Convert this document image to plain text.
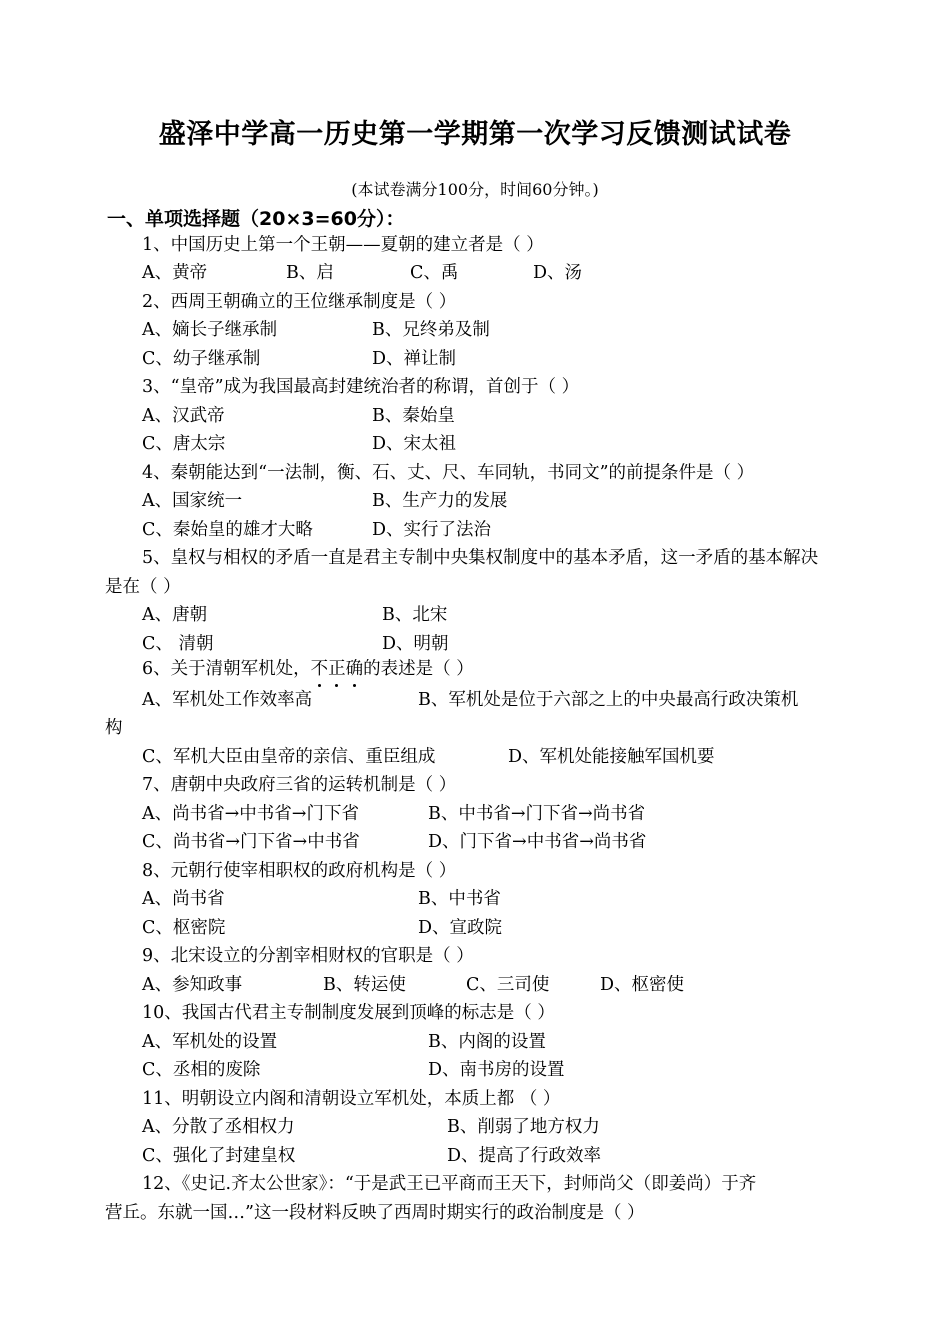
盛泽中学高一历史第一学期第一次学习反馈测试试卷
(本试卷满分100分，时间60分钟。)
一、单项选择题（20×3=60分）：
1、中国历史上第一个王朝——夏朝的建立者是（ ）
A、黄帝	B、启	C、禹	D、汤
2、西周王朝确立的王位继承制度是（ ）
A、嫡长子继承制	B、兄终弟及制
C、幼子继承制	D、禅让制
3、“皇帝”成为我国最高封建统治者的称谓，首创于（ ）
A、汉武帝	B、秦始皇
C、唐太宗	D、宋太祖
4、秦朝能达到“一法制，衡、石、丈、尺、车同轨，书同文”的前提条件是（ ）
A、国家统一	B、生产力的发展
C、秦始皇的雄才大略	D、实行了法治
5、皇权与相权的矛盾一直是君主专制中央集权制度中的基本矛盾，这一矛盾的基本解决
是在（ ）
A、唐朝	B、北宋
C、 清朝	D、明朝
6、关于清朝军机处，不正确的表述是（ ）
A、军机处工作效率高	B、军机处是位于六部之上的中央最高行政决策机
构
C、军机大臣由皇帝的亲信、重臣组成	D、军机处能接触军国机要
7、唐朝中央政府三省的运转机制是（ ）
A、尚书省→中书省→门下省	B、中书省→门下省→尚书省
C、尚书省→门下省→中书省	D、门下省→中书省→尚书省
8、元朝行使宰相职权的政府机构是（ ）
A、尚书省	B、中书省
C、枢密院	D、宣政院
9、北宋设立的分割宰相财权的官职是（ ）
A、参知政事	B、转运使	C、三司使	D、枢密使
10、我国古代君主专制制度发展到顶峰的标志是（ ）
A、军机处的设置	B、内阁的设置
C、丞相的废除	D、南书房的设置
11、明朝设立内阁和清朝设立军机处，本质上都 （ ）
A、分散了丞相权力	B、削弱了地方权力
C、强化了封建皇权	D、提高了行政效率
12、《史记.齐太公世家》：“于是武王已平商而王天下，封师尚父（即姜尚）于齐
营丘。东就一国…”这一段材料反映了西周时期实行的政治制度是（ ）
